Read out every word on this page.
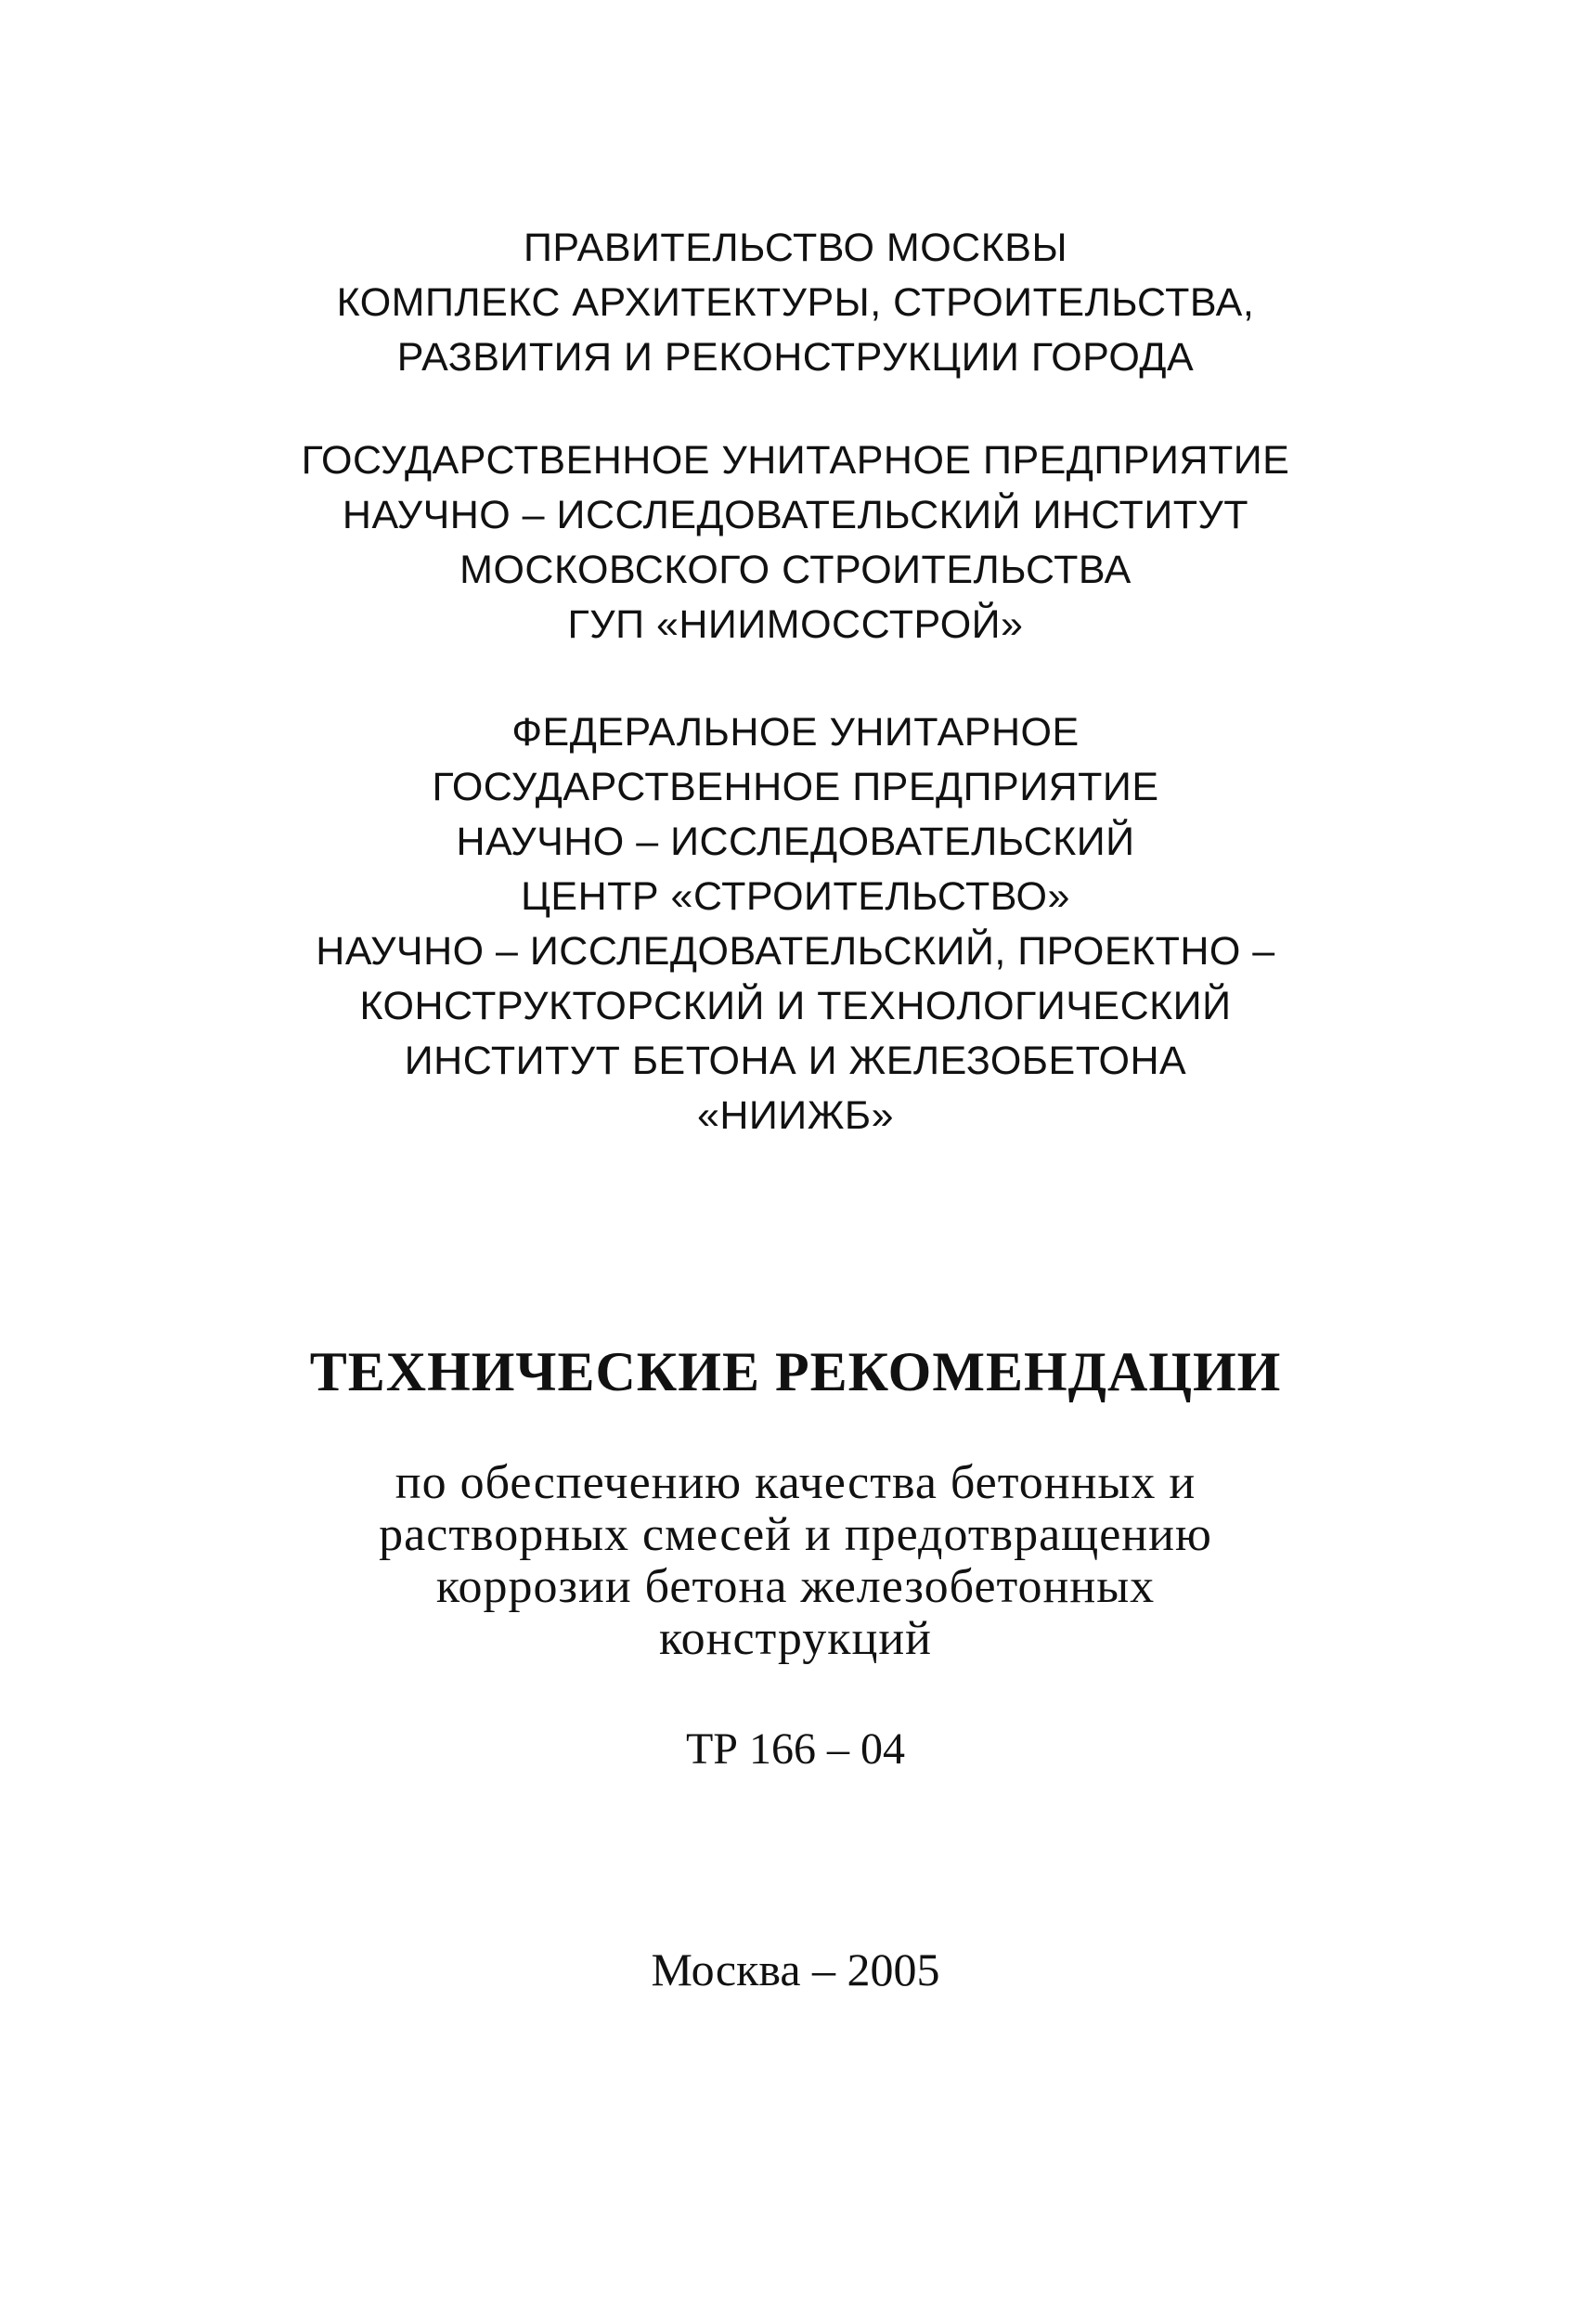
ПРАВИТЕЛЬСТВО МОСКВЫ
КОМПЛЕКС АРХИТЕКТУРЫ, СТРОИТЕЛЬСТВА,
РАЗВИТИЯ И РЕКОНСТРУКЦИИ ГОРОДА
ГОСУДАРСТВЕННОЕ УНИТАРНОЕ ПРЕДПРИЯТИЕ
НАУЧНО – ИССЛЕДОВАТЕЛЬСКИЙ ИНСТИТУТ
МОСКОВСКОГО СТРОИТЕЛЬСТВА
ГУП «НИИМОССТРОЙ»
ФЕДЕРАЛЬНОЕ УНИТАРНОЕ
ГОСУДАРСТВЕННОЕ ПРЕДПРИЯТИЕ
НАУЧНО – ИССЛЕДОВАТЕЛЬСКИЙ
ЦЕНТР «СТРОИТЕЛЬСТВО»
НАУЧНО – ИССЛЕДОВАТЕЛЬСКИЙ, ПРОЕКТНО –
КОНСТРУКТОРСКИЙ И ТЕХНОЛОГИЧЕСКИЙ
ИНСТИТУТ БЕТОНА И ЖЕЛЕЗОБЕТОНА
«НИИЖБ»
ТЕХНИЧЕСКИЕ РЕКОМЕНДАЦИИ
по обеспечению качества бетонных и
растворных смесей и предотвращению
коррозии бетона железобетонных
конструкций
ТР 166 – 04
Москва – 2005
